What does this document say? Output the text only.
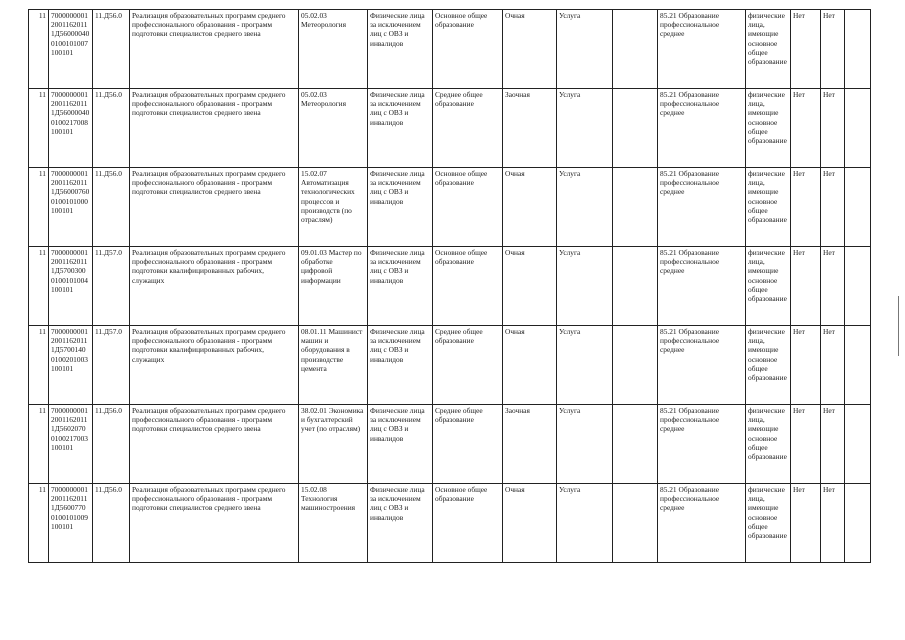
11	7000000001 2001162011 1Д56000040 0100101007 100101	11.Д56.0	Реализация образовательных программ среднего профессионального образования - программ подготовки специалистов среднего звена	05.02.03 Метеорология	Физические лица за исключением лиц с ОВЗ и инвалидов	Основное общее образование	Очная	Услуга		85.21 Образование профессиональное среднее	физические лица, имеющие основное общее образование	Нет	Нет	
11	7000000001 2001162011 1Д56000040 0100217008 100101	11.Д56.0	Реализация образовательных программ среднего профессионального образования - программ подготовки специалистов среднего звена	05.02.03 Метеорология	Физические лица за исключением лиц с ОВЗ и инвалидов	Среднее общее образование	Заочная	Услуга		85.21 Образование профессиональное среднее	физические лица, имеющие основное общее образование	Нет	Нет	
11	7000000001 2001162011 1Д56000760 0100101000 100101	11.Д56.0	Реализация образовательных программ среднего профессионального образования - программ подготовки специалистов среднего звена	15.02.07 Автоматизация технологических процессов и производств (по отраслям)	Физические лица за исключением лиц с ОВЗ и инвалидов	Основное общее образование	Очная	Услуга		85.21 Образование профессиональное среднее	физические лица, имеющие основное общее образование	Нет	Нет	
11	7000000001 2001162011 1Д5700300 0100101004 100101	11.Д57.0	Реализация образовательных программ среднего профессионального образования - программ подготовки квалифицированных рабочих, служащих	09.01.03 Мастер по обработке цифровой информации	Физические лица за исключением лиц с ОВЗ и инвалидов	Основное общее образование	Очная	Услуга		85.21 Образование профессиональное среднее	физические лица, имеющие основное общее образование	Нет	Нет	
11	7000000001 2001162011 1Д5700140 0100201003 100101	11.Д57.0	Реализация образовательных программ среднего профессионального образования - программ подготовки квалифицированных рабочих, служащих	08.01.11 Машинист машин и оборудования в производстве цемента	Физические лица за исключением лиц с ОВЗ и инвалидов	Среднее общее образование	Очная	Услуга		85.21 Образование профессиональное среднее	физические лица, имеющие основное общее образование	Нет	Нет	
11	7000000001 2001162011 1Д5602070 0100217003 100101	11.Д56.0	Реализация образовательных программ среднего профессионального образования - программ подготовки специалистов среднего звена	38.02.01 Экономика и бухгалтерский учет (по отраслям)	Физические лица за исключением лиц с ОВЗ и инвалидов	Среднее общее образование	Заочная	Услуга		85.21 Образование профессиональное среднее	физические лица, имеющие основное общее образование	Нет	Нет	
11	7000000001 2001162011 1Д5600770 0100101009 100101	11.Д56.0	Реализация образовательных программ среднего профессионального образования - программ подготовки специалистов среднего звена	15.02.08 Технология машиностроения	Физические лица за исключением лиц с ОВЗ и инвалидов	Основное общее образование	Очная	Услуга		85.21 Образование профессиональное среднее	физические лица, имеющие основное общее образование	Нет	Нет	
